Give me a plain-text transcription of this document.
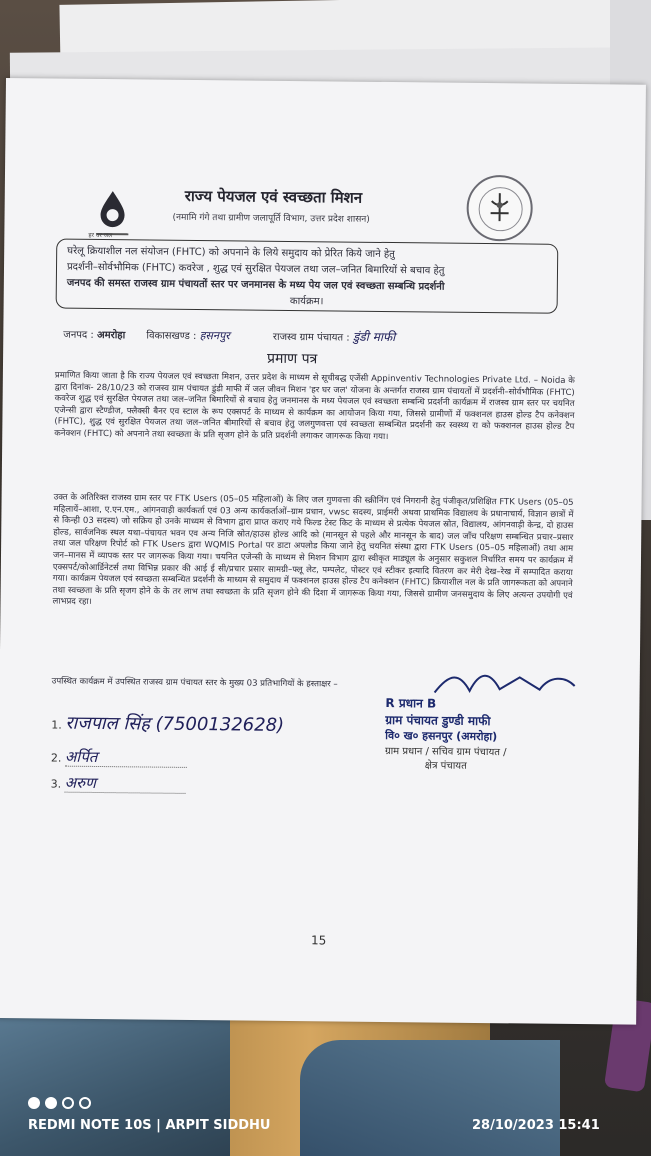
हर घर जल
राज्य पेयजल एवं स्वच्छता मिशन
(नमामि गंगे तथा ग्रामीण जलापूर्ति विभाग, उत्तर प्रदेश शासन)
घरेलू क्रियाशील नल संयोजन (FHTC) को अपनाने के लिये समुदाय को प्रेरित किये जाने हेतु
प्रदर्शनी–सोर्वभौमिक (FHTC) कवरेज , शुद्ध एवं सुरक्षित पेयजल तथा जल–जनित बिमारियों से बचाव हेतु
जनपद की समस्त राजस्व ग्राम पंचायतों स्तर पर जनमानस के मध्य पेय जल एवं स्वच्छता सम्बन्धि प्रदर्शनी
कार्यक्रम।
जनपद : अमरोहा विकासखण्ड : हसनपुर	राजस्व ग्राम पंचायत : डुंडी माफी
प्रमाण पत्र
प्रमाणित किया जाता है कि राज्य पेयजल एवं स्वच्छता मिशन, उत्तर प्रदेश के माध्यम से सूचीबद्ध एजेंसी Appinventiv Technologies Private Ltd. – Noida के द्वारा दिनांक- 28/10/23 को राजस्व ग्राम पंचायत डुंडी माफी में जल जीवन मिशन 'हर घर जल' योजना के अन्तर्गत राजस्व ग्राम पंचायतों में प्रदर्शनी–सोर्वभौमिक (FHTC) कवरेज शुद्ध एवं सुरक्षित पेयजल तथा जल–जनित बिमारियों से बचाव हेतु जनमानस के मध्य पेयजल एवं स्वच्छता सम्बन्धि प्रदर्शनी कार्यक्रम में राजस्व ग्राम स्तर पर चयनित एजेन्सी द्वारा स्टैण्डीज, फ्लैक्सी बैनर एव स्टाल के रूप एक्सपर्ट के माध्यम से कार्यक्रम का आयोजन किया गया, जिससे ग्रामीणों में फक्शनल हाउस होल्ड टैप कनेक्शन (FHTC), शुद्ध एवं सुरक्षित पेयजल तथा जल–जनित बीमारियों से बचाव हेतु जलगुणवत्ता एवं स्वच्छता सम्बन्धित प्रदर्शनी कर स्वस्थ्य रा को फक्शनल हाउस होल्ड टैप कनेक्शन (FHTC) को अपनाने तथा स्वच्छता के प्रति सृजग होने के प्रति प्रदर्शनी लगाकर जागरूक किया गया।
उक्त के अतिरिक्त राजस्व ग्राम स्तर पर FTK Users (05–05 महिलाओं) के लिए जल गुणवत्ता की स्क्रीनिंग एवं निगरानी हेतु पंजीकृत/प्रशिक्षित FTK Users (05–05 महिलायें–आशा, ए.एन.एम., आंगनवाड़ी कार्यकर्ता एवं 03 अन्य कार्यकर्ताओं–ग्राम प्रधान, vwsc सदस्य, प्राईमरी अथवा प्राथमिक विद्यालय के प्रधानाचार्य, विज्ञान छात्रों में से किन्ही 03 सदस्य) जो सक्रिय हो उनके माध्यम से विभाग द्वारा प्राप्त कराए गये फिल्ड टेस्ट किट के माध्यम से प्रत्येक पेयजल स्रोत, विद्यालय, आंगनवाड़ी केन्द्र, दो हाउस होल्ड, सार्वजनिक स्थल यथा–पंचायत भवन एव अन्य निजि स्रोत/हाउस होल्ड आदि को (मानसून से पहले और मानसून के बाद) जल जाँच परिक्षण सम्बन्धित प्रचार–प्रसार तथा जल परिक्षण रिपोर्ट को FTK Users द्वारा WQMIS Portal पर डाटा अपलोड किया जाने हेतु चयनित संस्था द्वारा FTK Users (05–05 महिलाओं) तथा आम जन–मानस में व्यापक स्तर पर जागरूक किया गया। चयनित एजेन्सी के माध्यम से मिशन विभाग द्वारा स्वीकृत माड्यूल के अनुसार सकुशल निर्धारित समय पर कार्यक्रम में एक्सपर्ट/कोआर्डिनेटर्स तथा विभिन्न प्रकार की आई ई सी/प्रचार प्रसार सामग्री–फ्लू लेट, पम्पलेट, पोस्टर एवं स्टीकर इत्यादि वितरण कर मेरी देख–रेख में सम्पादित कराया गया। कार्यक्रम पेयजल एवं स्वच्छता सम्बन्धित प्रदर्शनी के माध्यम से समुदाय में फक्शनल हाउस होल्ड टैप कनेक्शन (FHTC) क्रियाशील नल के प्रति जागरूकता को अपनाने तथा स्वच्छता के प्रति सृजग होने के के तर लाभ तथा स्वच्छता के प्रति सृजग होने की दिशा में जागरूक किया गया, जिससे ग्रामीण जनसमुदाय के लिए अत्यन्त उपयोगी एवं लाभप्रद रहा।
उपस्थित कार्यक्रम में उपस्थित राजस्व ग्राम पंचायत स्तर के मुख्य 03 प्रतिभागियों के हस्ताक्षर –
R प्रधान B
ग्राम पंचायत डुण्डी माफी
वि० ख० हसनपुर (अमरोहा)
ग्राम प्रधान / सचिव ग्राम पंचायत /
क्षेत्र पंचायत
1. राजपाल सिंह (7500132628)
2. अर्पित
3. अरुण
15
REDMI NOTE 10S | ARPIT SIDDHU	28/10/2023 15:41
